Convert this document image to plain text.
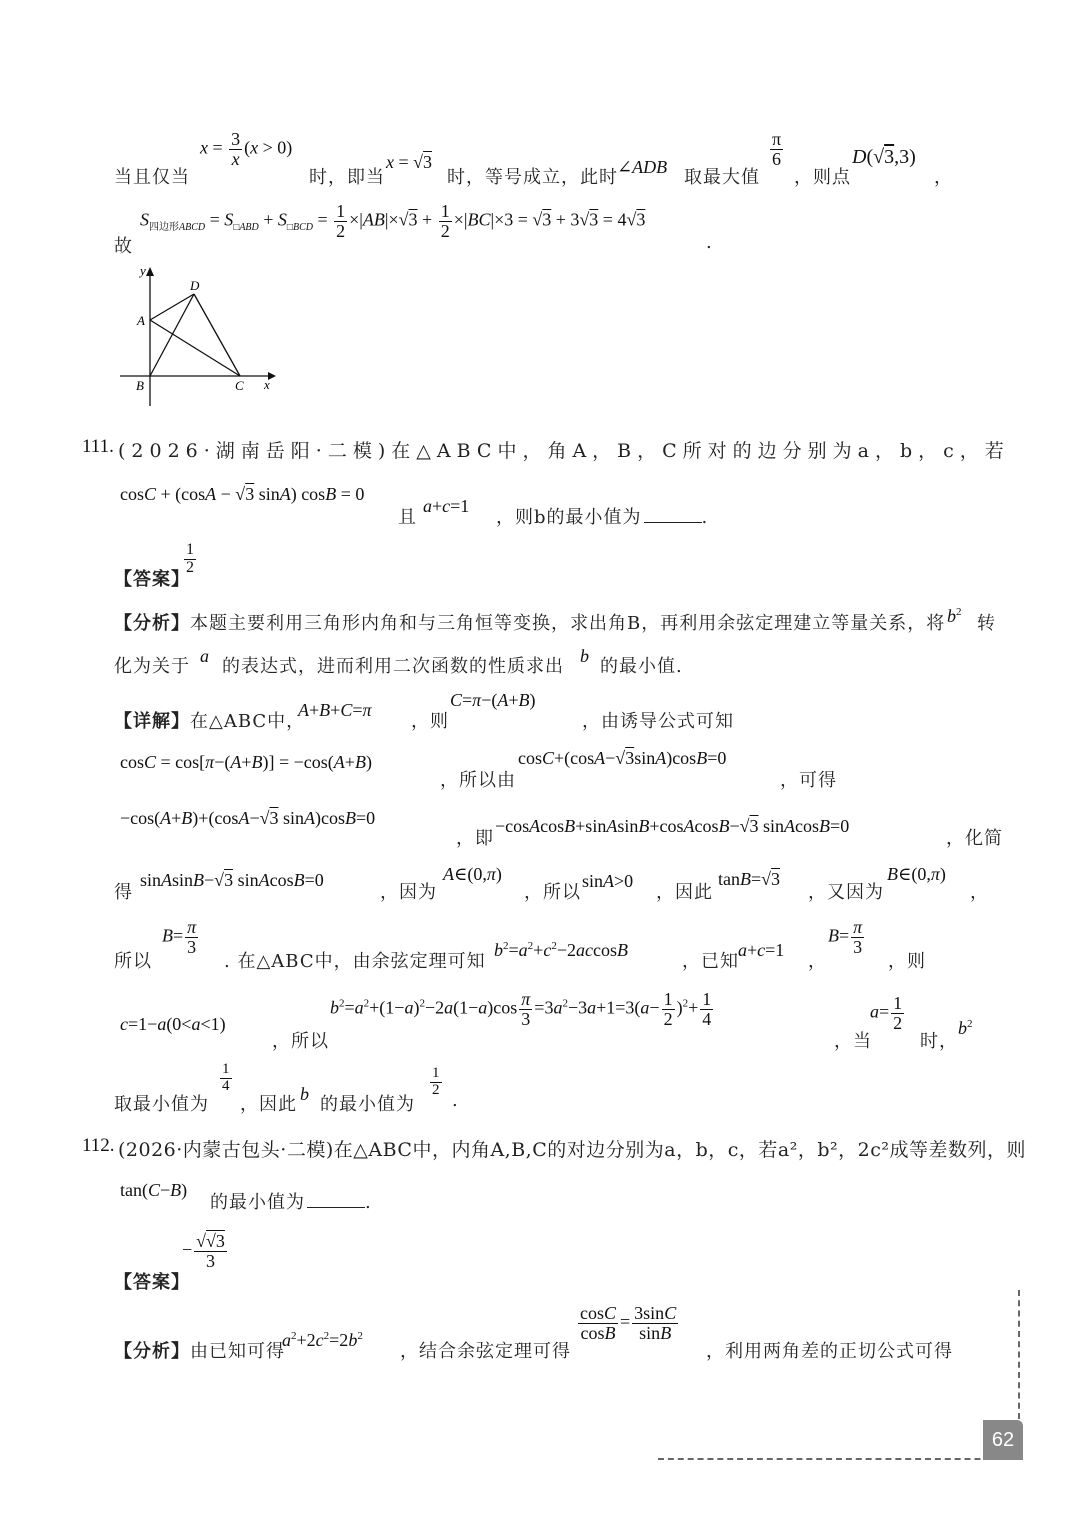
当且仅当
$x = \frac{3}{x} (x > 0)$
时，即当
x = √3
时，等号成立，此时 ∠ADB 取最大值
$\frac{\pi}{6}$
，则点
D(√3,3)
，
故
$S_{四边形ABCD} = S_{□ABD} + S_{□BCD} = \frac{1}{2} \times|AB|\times√3 + \frac{1}{2} \times|BC|\times 3 = √3 + 3√3 = 4√3$
.
y
x
D
A
B	C
111. (2026·湖南岳阳·二模)在△ABC中，角A，B，C所对的边分别为a，b，c，若
cosC + (cosA − √3 sinA) cosB = 0
且
a+c=1
，则b的最小值为	.
【答案】
$\frac{1}{2}$
【分析】本题主要利用三角形内角和与三角恒等变换，求出角B，再利用余弦定理建立等量关系，将 $b^2$
转
化为关于 a 的表达式，进而利用二次函数的性质求出 b 的最小值.
【详解】在△ABC中，
A+B+C=π
，则
C=π−(A+B)
，由诱导公式可知
cosC = cos[π−(A+B)] = −cos(A+B)
，所以由
cosC+(cosA−√3sinA)cosB=0
，可得
−cos(A+B)+(cosA−√3 sinA)cosB=0
，即
−cosAcosB+sinAsinB+cosAcosB−√3 sinAcosB=0
，化简
得
sinAsinB−√3 sinAcosB=0
，因为
A∈(0,π)
，所以
sinA>0
，因此
tanB=√3
，又因为
B∈(0,π)
，
所以
$B= \frac{\pi}{3}$
. 在△ABC中，由余弦定理可知
$b^2=a^2+c^2-2accosB$
，已知
a+c=1
，
$B= \frac{\pi}{3}$
，则
c=1−a(0<a<1)
，所以
$b^2=a^2+(1-a)^2-2a(1-a)\cos \frac{\pi}{3} =3a^2-3a+1=3(a- \frac{1}{2} )^2+ \frac{1}{4}$
，当
$a= \frac{1}{2}$
时，
$b^2$
取最小值为
$\frac{1}{4}$
，因此 b 的最小值为
$\frac{1}{2}$
.
112. (2026·内蒙古包头·二模)在△ABC中，内角A,B,C的对边分别为a，b，c，若a²，b²，2c²成等差数列，则
tan(C−B)
的最小值为	.
【答案】
− $\frac{√√3}{3}$
【分析】由已知可得
$a^2+2c^2=2b^2$
，结合余弦定理可得
$\frac{\cos C}{\cos B} = \frac{3\sin C}{\sin B}$
，利用两角差的正切公式可得
62
